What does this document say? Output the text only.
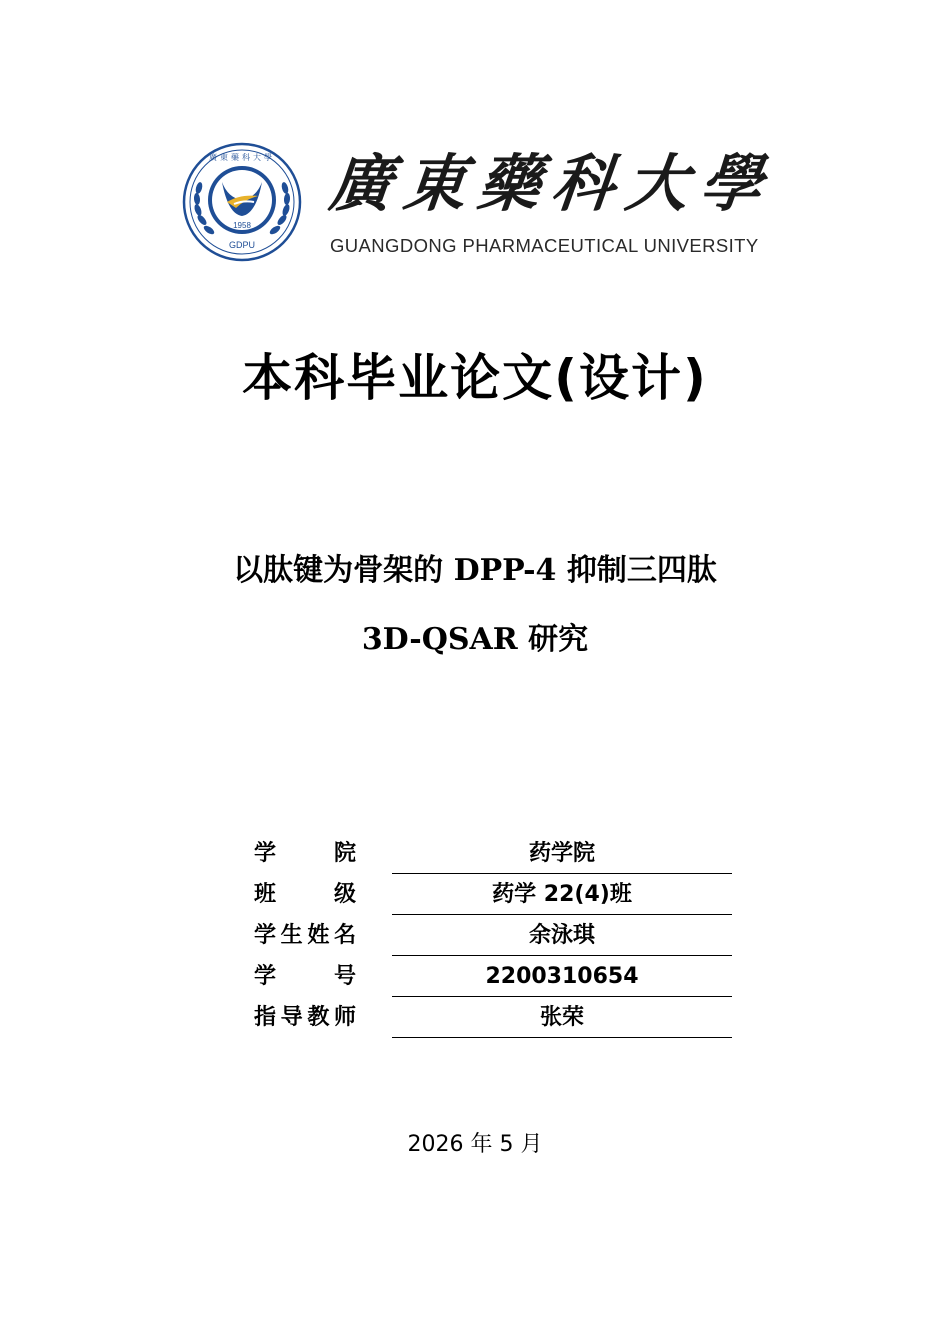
1958
GDPU
廣東藥科大學 廣東藥科大學
GUANGDONG PHARMACEUTICAL UNIVERSITY
本科毕业论文(设计)
以肽键为骨架的 DPP-4 抑制三四肽
3D-QSAR 研究
学	院	药学院
班	级	药学 22(4)班
学 生 姓 名	余泳琪
学	号	2200310654
指 导 教 师	张荣
2026 年 5 月
